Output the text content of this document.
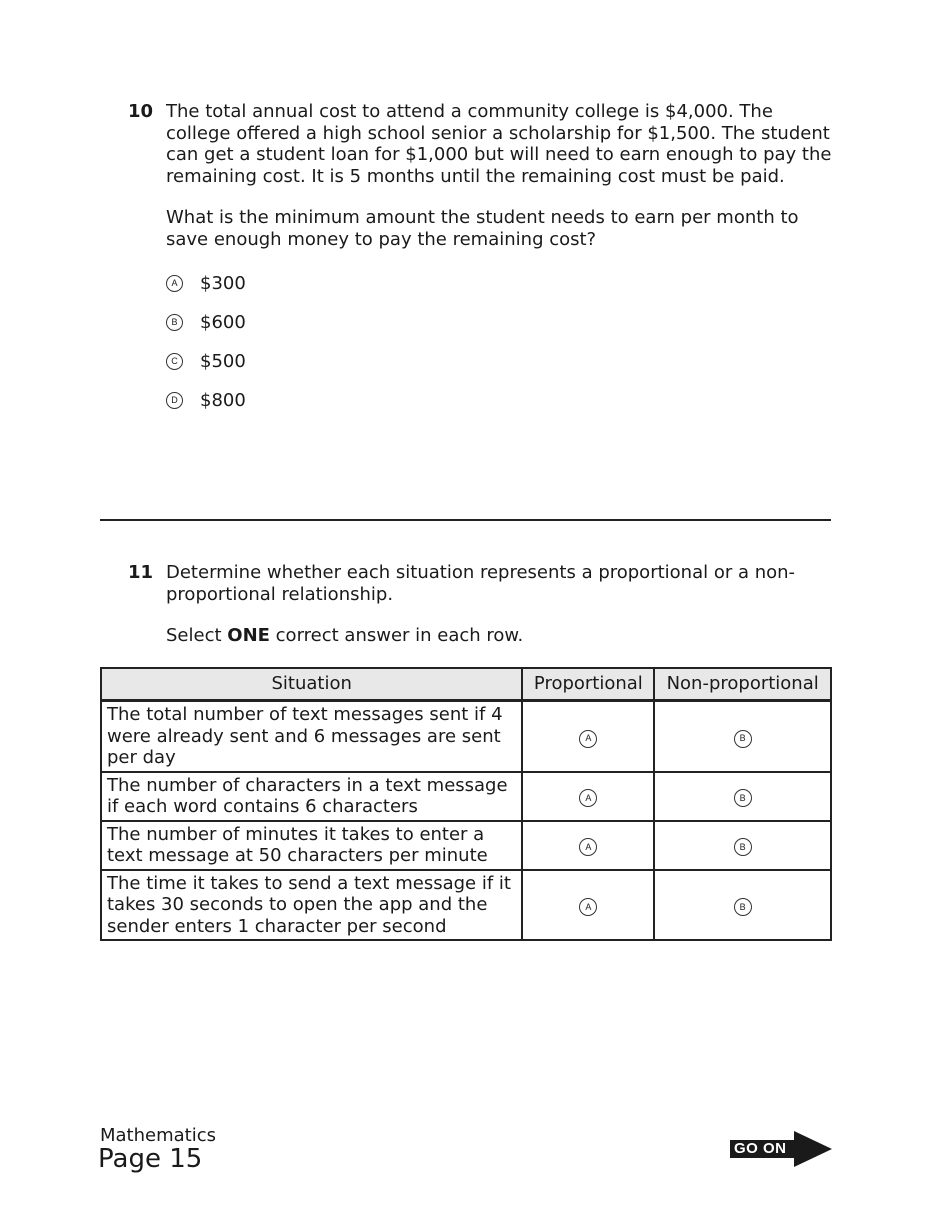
10 The total annual cost to attend a community college is $4,000. The college offered a high school senior a scholarship for $1,500. The student can get a student loan for $1,000 but will need to earn enough to pay the remaining cost. It is 5 months until the remaining cost must be paid.

What is the minimum amount the student needs to earn per month to save enough money to pay the remaining cost?

A	$300
B	$600
C $500
D $800
11 Determine whether each situation represents a proportional or a non-proportional relationship.

Select ONE correct answer in each row.

Situation	Proportional	Non-proportional
The total number of text messages sent if 4 were already sent and 6 messages are sent per day	A	B
The number of characters in a text message if each word contains 6 characters	A	B
The number of minutes it takes to enter a text message at 50 characters per minute	A	B
The time it takes to send a text message if it takes 30 seconds to open the app and the sender enters 1 character per second	A	B
Mathematics
Page 15	GO ON
